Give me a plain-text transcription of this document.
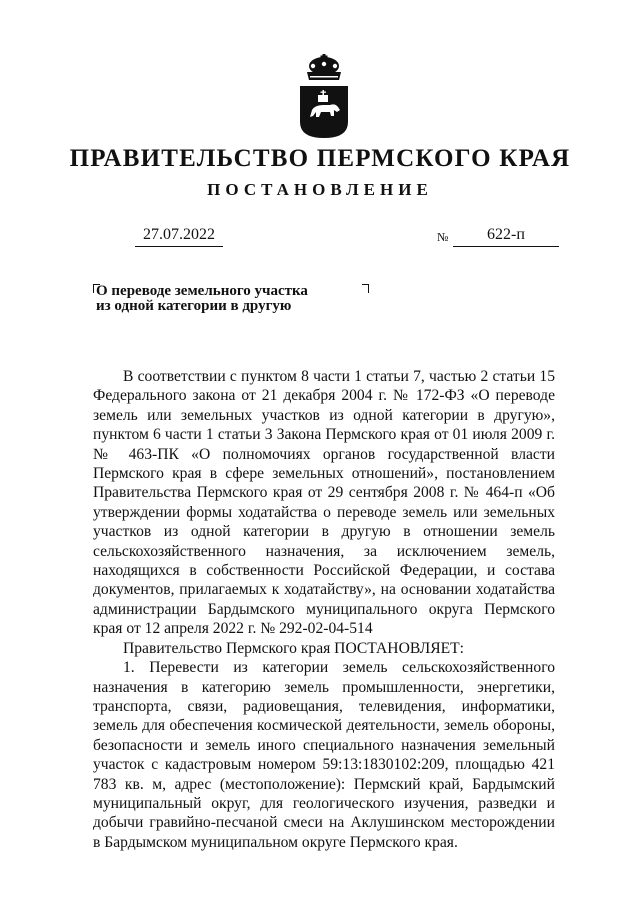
ПРАВИТЕЛЬСТВО ПЕРМСКОГО КРАЯ
ПОСТАНОВЛЕНИЕ
27.07.2022	№	622-п
О переводе земельного участка
из одной категории в другую

В соответствии с пунктом 8 части 1 статьи 7, частью 2 статьи 15 Федерального закона от 21 декабря 2004 г. № 172-ФЗ «О переводе земель или земельных участков из одной категории в другую», пунктом 6 части 1 статьи 3 Закона Пермского края от 01 июля 2009 г. № 463-ПК «О полномочиях органов государственной власти Пермского края в сфере земельных отношений», постановлением Правительства Пермского края от 29 сентября 2008 г. № 464-п «Об утверждении формы ходатайства о переводе земель или земельных участков из одной категории в другую в отношении земель сельскохозяйственного назначения, за исключением земель, находящихся в собственности Российской Федерации, и состава документов, прилагаемых к ходатайству», на основании ходатайства администрации Бардымского муниципального округа Пермского края от 12 апреля 2022 г. № 292-02-04-514

Правительство Пермского края ПОСТАНОВЛЯЕТ:

1. Перевести из категории земель сельскохозяйственного назначения в категорию земель промышленности, энергетики, транспорта, связи, радиовещания, телевидения, информатики, земель для обеспечения космической деятельности, земель обороны, безопасности и земель иного специального назначения земельный участок с кадастровым номером 59:13:1830102:209, площадью 421 783 кв. м, адрес (местоположение): Пермский край, Бардымский муниципальный округ, для геологического изучения, разведки и добычи гравийно-песчаной смеси на Аклушинском месторождении в Бардымском муниципальном округе Пермского края.
